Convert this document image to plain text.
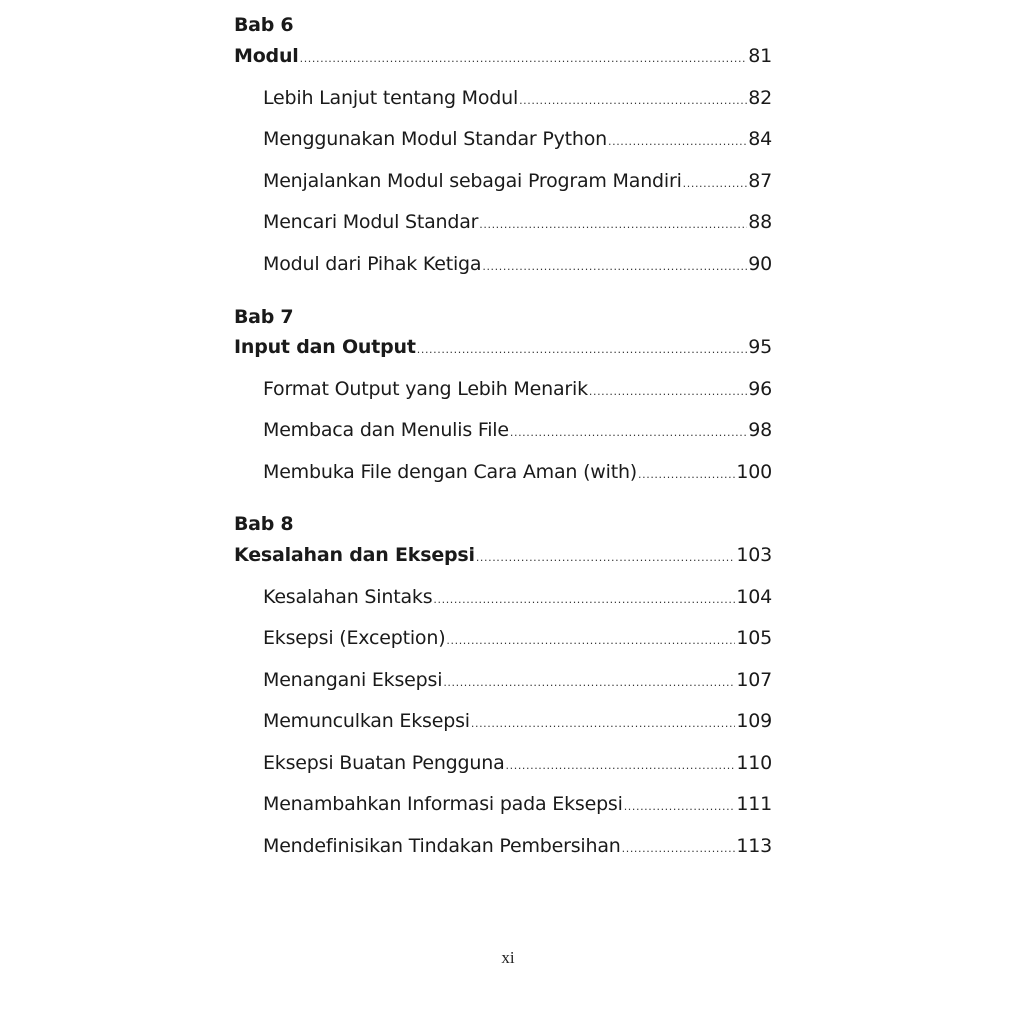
Bab 6
Modul .....	81
Lebih Lanjut tentang Modul .....	82
Menggunakan Modul Standar Python .....	84
Menjalankan Modul sebagai Program Mandiri .....	87
Mencari Modul Standar .....	88
Modul dari Pihak Ketiga .....	90
Bab 7
Input dan Output .....	95
Format Output yang Lebih Menarik .....	96
Membaca dan Menulis File .....	98
Membuka File dengan Cara Aman (with) .....	100
Bab 8
Kesalahan dan Eksepsi .....	103
Kesalahan Sintaks .....	104
Eksepsi (Exception) .....	105
Menangani Eksepsi .....	107
Memunculkan Eksepsi .....	109
Eksepsi Buatan Pengguna .....	110
Menambahkan Informasi pada Eksepsi .....	111
Mendefinisikan Tindakan Pembersihan .....	113
xi
